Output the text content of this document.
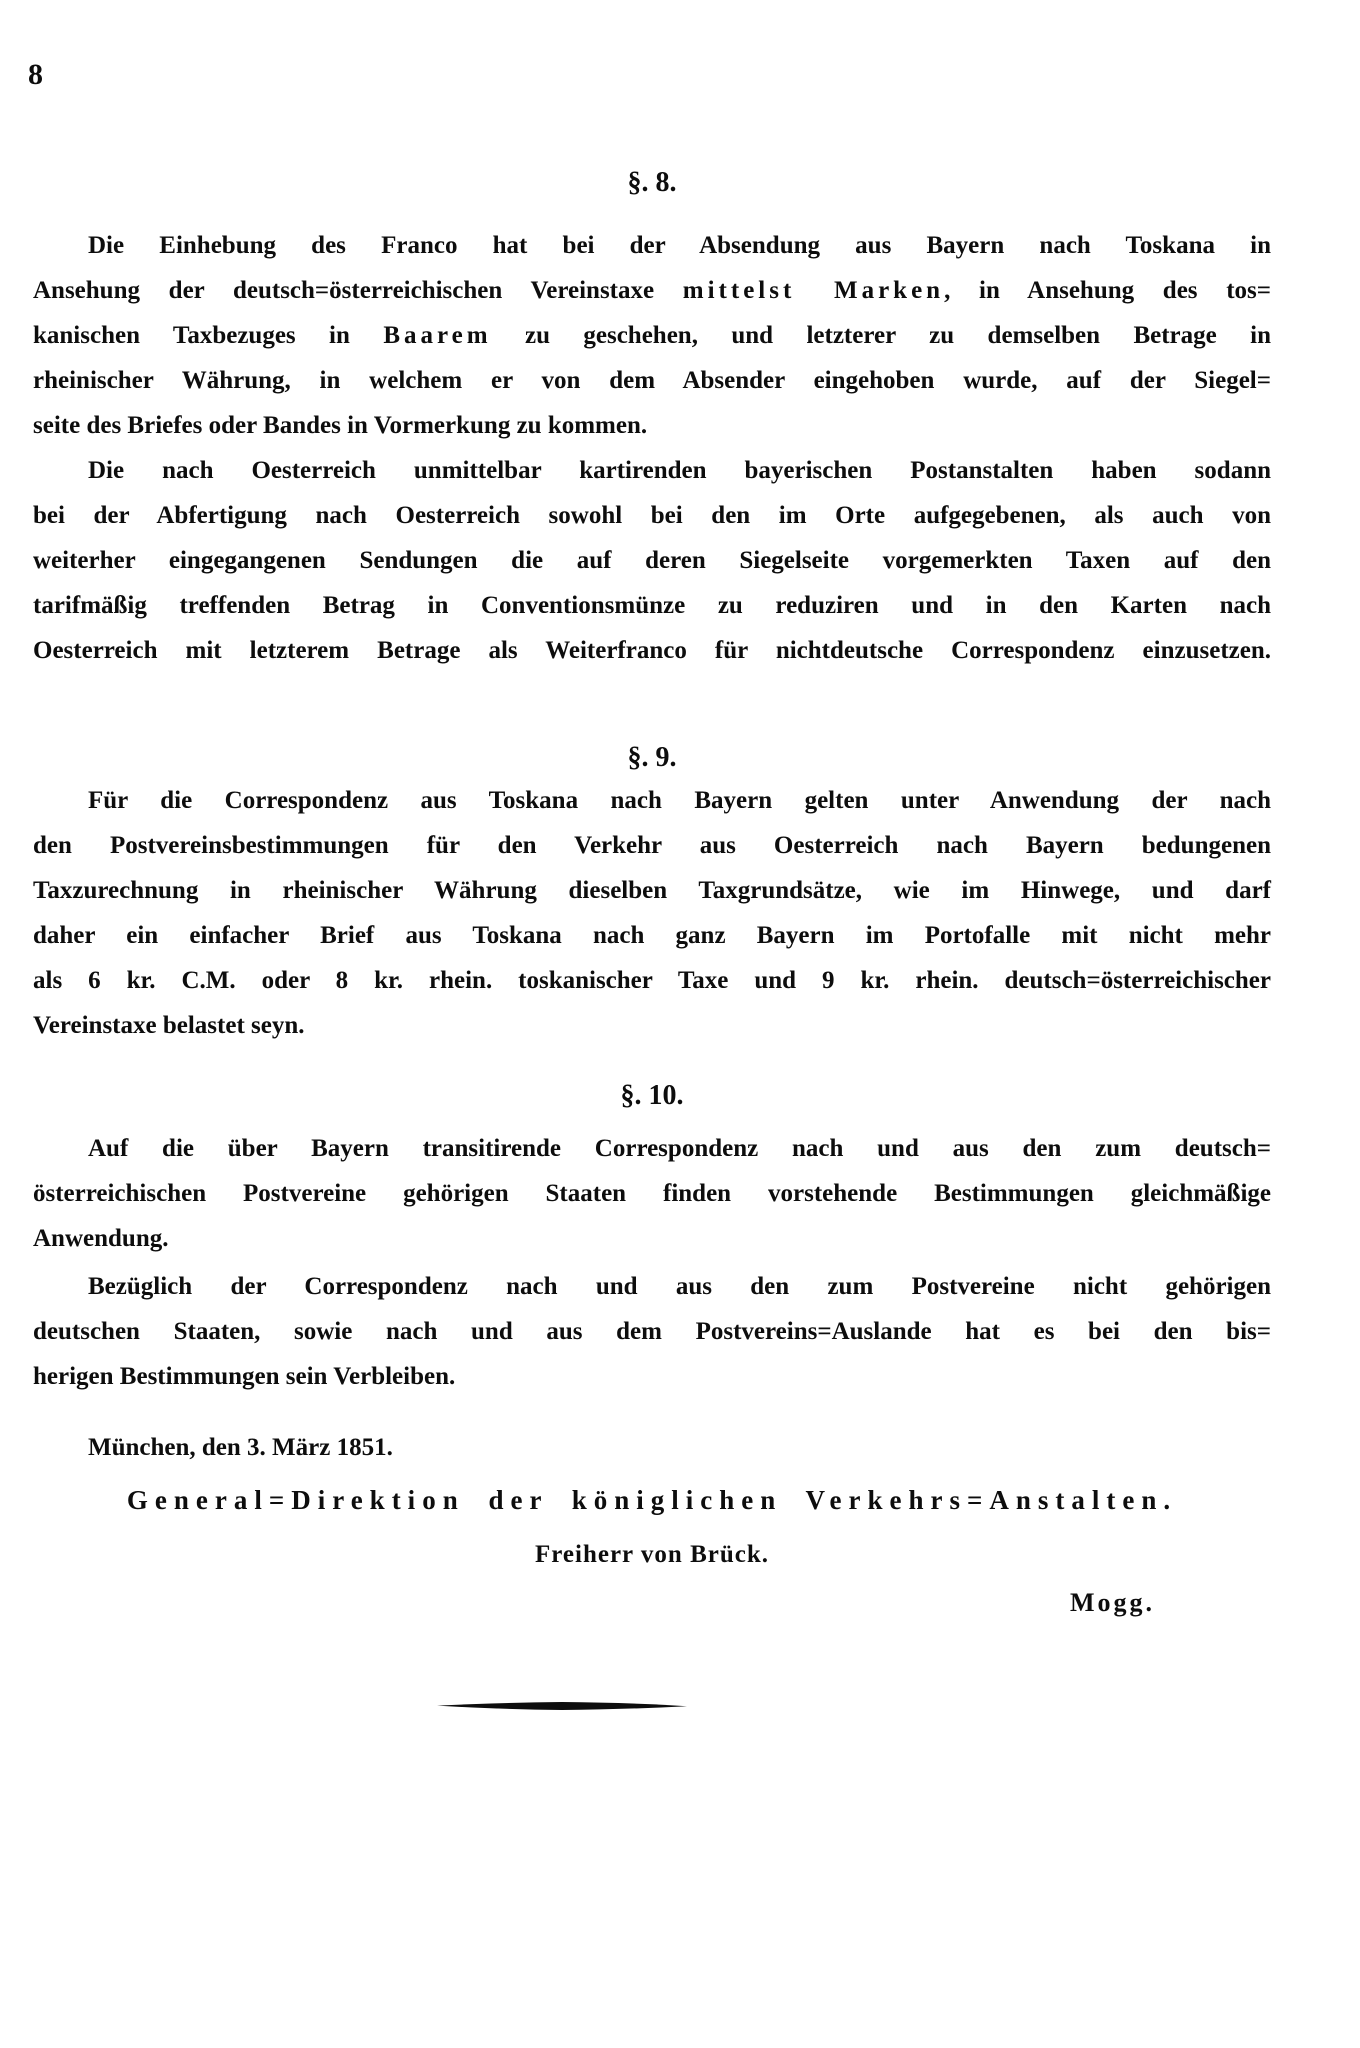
8
§. 8.
Die Einhebung des Franco hat bei der Absendung aus Bayern nach Toskana in
Ansehung der deutsch=österreichischen Vereinstaxe mittelst Marken, in Ansehung des tos=
kanischen Taxbezuges in Baarem zu geschehen, und letzterer zu demselben Betrage in
rheinischer Währung, in welchem er von dem Absender eingehoben wurde, auf der Siegel=
seite des Briefes oder Bandes in Vormerkung zu kommen.
Die nach Oesterreich unmittelbar kartirenden bayerischen Postanstalten haben sodann
bei der Abfertigung nach Oesterreich sowohl bei den im Orte aufgegebenen, als auch von
weiterher eingegangenen Sendungen die auf deren Siegelseite vorgemerkten Taxen auf den
tarifmäßig treffenden Betrag in Conventionsmünze zu reduziren und in den Karten nach
Oesterreich mit letzterem Betrage als Weiterfranco für nichtdeutsche Correspondenz einzusetzen.
§. 9.
Für die Correspondenz aus Toskana nach Bayern gelten unter Anwendung der nach
den Postvereinsbestimmungen für den Verkehr aus Oesterreich nach Bayern bedungenen
Taxzurechnung in rheinischer Währung dieselben Taxgrundsätze, wie im Hinwege, und darf
daher ein einfacher Brief aus Toskana nach ganz Bayern im Portofalle mit nicht mehr
als 6 kr. C.M. oder 8 kr. rhein. toskanischer Taxe und 9 kr. rhein. deutsch=österreichischer
Vereinstaxe belastet seyn.
§. 10.
Auf die über Bayern transitirende Correspondenz nach und aus den zum deutsch=
österreichischen Postvereine gehörigen Staaten finden vorstehende Bestimmungen gleichmäßige
Anwendung.
Bezüglich der Correspondenz nach und aus den zum Postvereine nicht gehörigen
deutschen Staaten, sowie nach und aus dem Postvereins=Auslande hat es bei den bis=
herigen Bestimmungen sein Verbleiben.
München, den 3. März 1851.
General=Direktion der königlichen Verkehrs=Anstalten.
Freiherr von Brück.
Mogg.
